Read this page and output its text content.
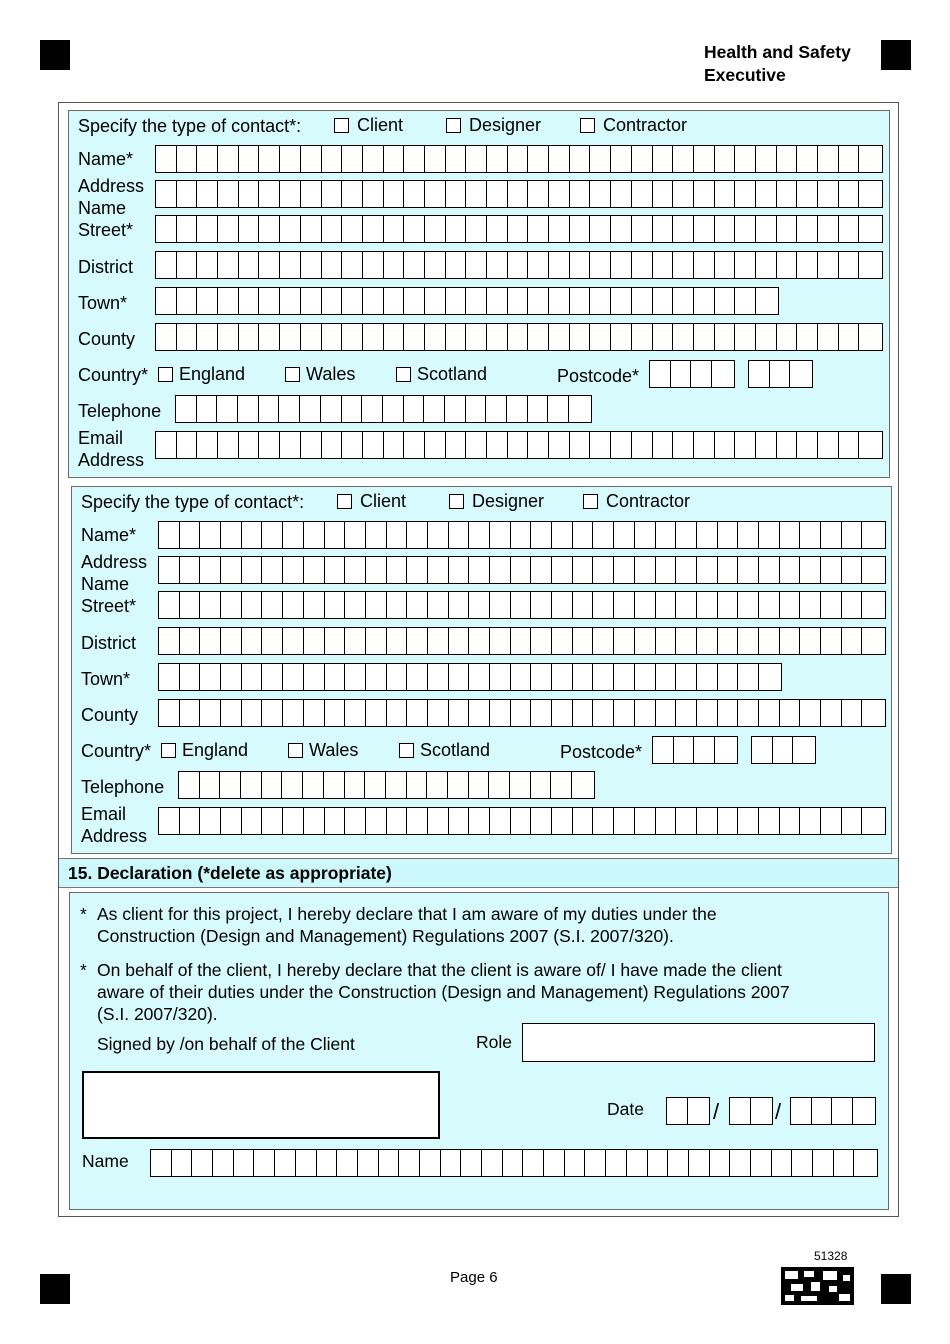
Health and Safety
Executive
Specify the type of contact*:	Client	Designer	Contractor
Name*
Address
Name
Street*
District
Town*
County
Country* England	Wales	Scotland	Postcode*
Telephone
Email
Address
Specify the type of contact*:	Client	Designer	Contractor
Name*
Address
Name
Street*
District
Town*
County
Country* England	Wales	Scotland	Postcode*
Telephone
Email
Address
15. Declaration (*delete as appropriate)
* As client for this project, I hereby declare that I am aware of my duties under the
Construction (Design and Management) Regulations 2007 (S.I. 2007/320).
* On behalf of the client, I hereby declare that the client is aware of/ I have made the client
aware of their duties under the Construction (Design and Management) Regulations 2007
(S.I. 2007/320).
Signed by /on behalf of the Client	Role
Date	/	/
Name
Page 6
51328
